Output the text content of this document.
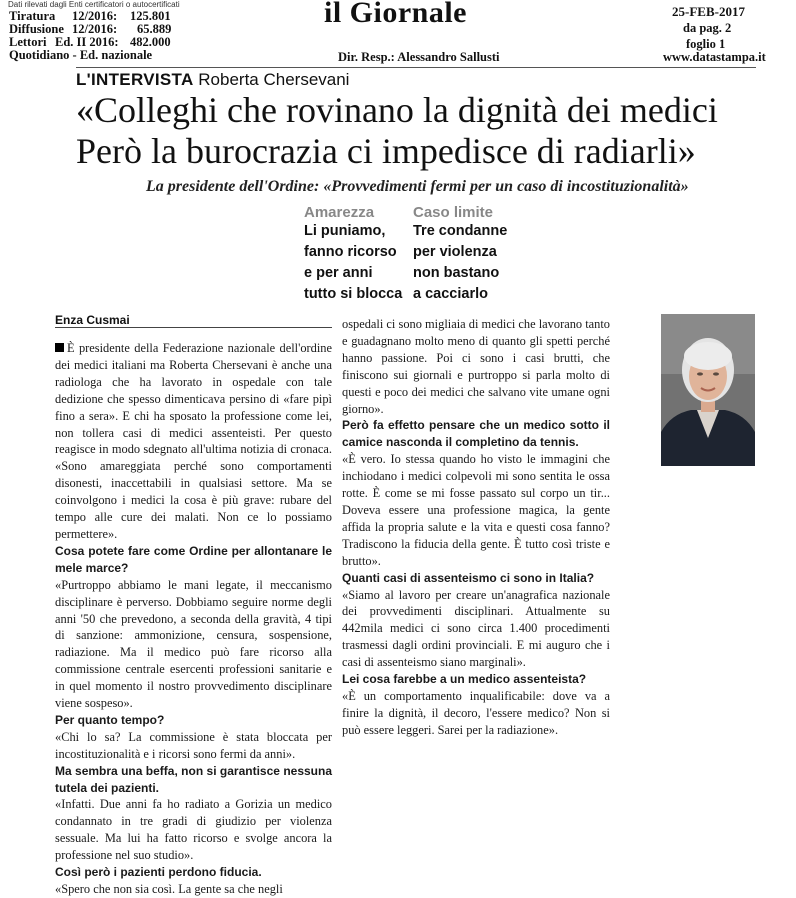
Dati rilevati dagli Enti certificatori o autocertificati
Tiratura 12/2016: 125.801
Diffusione 12/2016: 65.889
Lettori Ed. II 2016: 482.000
Quotidiano - Ed. nazionale
il Giornale
Dir. Resp.: Alessandro Sallusti
25-FEB-2017
da pag. 2
foglio 1
www.datastampa.it
L'INTERVISTA Roberta Chersevani
«Colleghi che rovinano la dignità dei medici
Però la burocrazia ci impedisce di radiarli»
La presidente dell'Ordine: «Provvedimenti fermi per un caso di incostituzionalità»
Amarezza
Li puniamo,
fanno ricorso
e per anni
tutto si blocca
Caso limite
Tre condanne
per violenza
non bastano
a cacciarlo
Enza Cusmai

È presidente della Federazione nazionale dell'ordine dei medici italiani ma Roberta Chersevani è anche una radiologa che ha lavorato in ospedale con tale dedizione che spesso dimenticava persino di «fare pipì fino a sera». E chi ha sposato la professione come lei, non tollera casi di medici assenteisti. Per questo reagisce in modo sdegnato all'ultima notizia di cronaca. «Sono amareggiata perché sono comportamenti disonesti, inaccettabili in qualsiasi settore. Ma se coinvolgono i medici la cosa è più grave: rubare del tempo alle cure dei malati. Non ce lo possiamo permettere».

Cosa potete fare come Ordine per allontanare le mele marce?

«Purtroppo abbiamo le mani legate, il meccanismo disciplinare è perverso. Dobbiamo seguire norme degli anni '50 che prevedono, a seconda della gravità, 4 tipi di sanzione: ammonizione, censura, sospensione, radiazione. Ma il medico può fare ricorso alla commissione centrale esercenti professioni sanitarie e in quel momento il nostro provvedimento disciplinare viene sospeso».

Per quanto tempo?

«Chi lo sa? La commissione è stata bloccata per incostituzionalità e i ricorsi sono fermi da anni».

Ma sembra una beffa, non si garantisce nessuna tutela dei pazienti.

«Infatti. Due anni fa ho radiato a Gorizia un medico condannato in tre gradi di giudizio per violenza sessuale. Ma lui ha fatto ricorso e svolge ancora la professione nel suo studio».

Così però i pazienti perdono fiducia.

«Spero che non sia così. La gente sa che negli

ospedali ci sono migliaia di medici che lavorano tanto e guadagnano molto meno di quanto gli spetti perché hanno passione. Poi ci sono i casi brutti, che finiscono sui giornali e purtroppo si parla molto di questi e poco dei medici che salvano vite umane ogni giorno».

Però fa effetto pensare che un medico sotto il camice nasconda il completino da tennis.

«È vero. Io stessa quando ho visto le immagini che inchiodano i medici colpevoli mi sono sentita le ossa rotte. È come se mi fosse passato sul corpo un tir... Doveva essere una professione magica, la gente affida la propria salute e la vita e questi cosa fanno? Tradiscono la fiducia della gente. È tutto così triste e brutto».

Quanti casi di assenteismo ci sono in Italia?

«Siamo al lavoro per creare un'anagrafica nazionale dei provvedimenti disciplinari. Attualmente su 442mila medici ci sono circa 1.400 procedimenti trasmessi dagli ordini provinciali. E mi auguro che i casi di assenteismo siano marginali».

Lei cosa farebbe a un medico assenteista?

«È un comportamento inqualificabile: dove va a finire la dignità, il decoro, l'essere medico? Non si può essere leggeri. Sarei per la radiazione».
